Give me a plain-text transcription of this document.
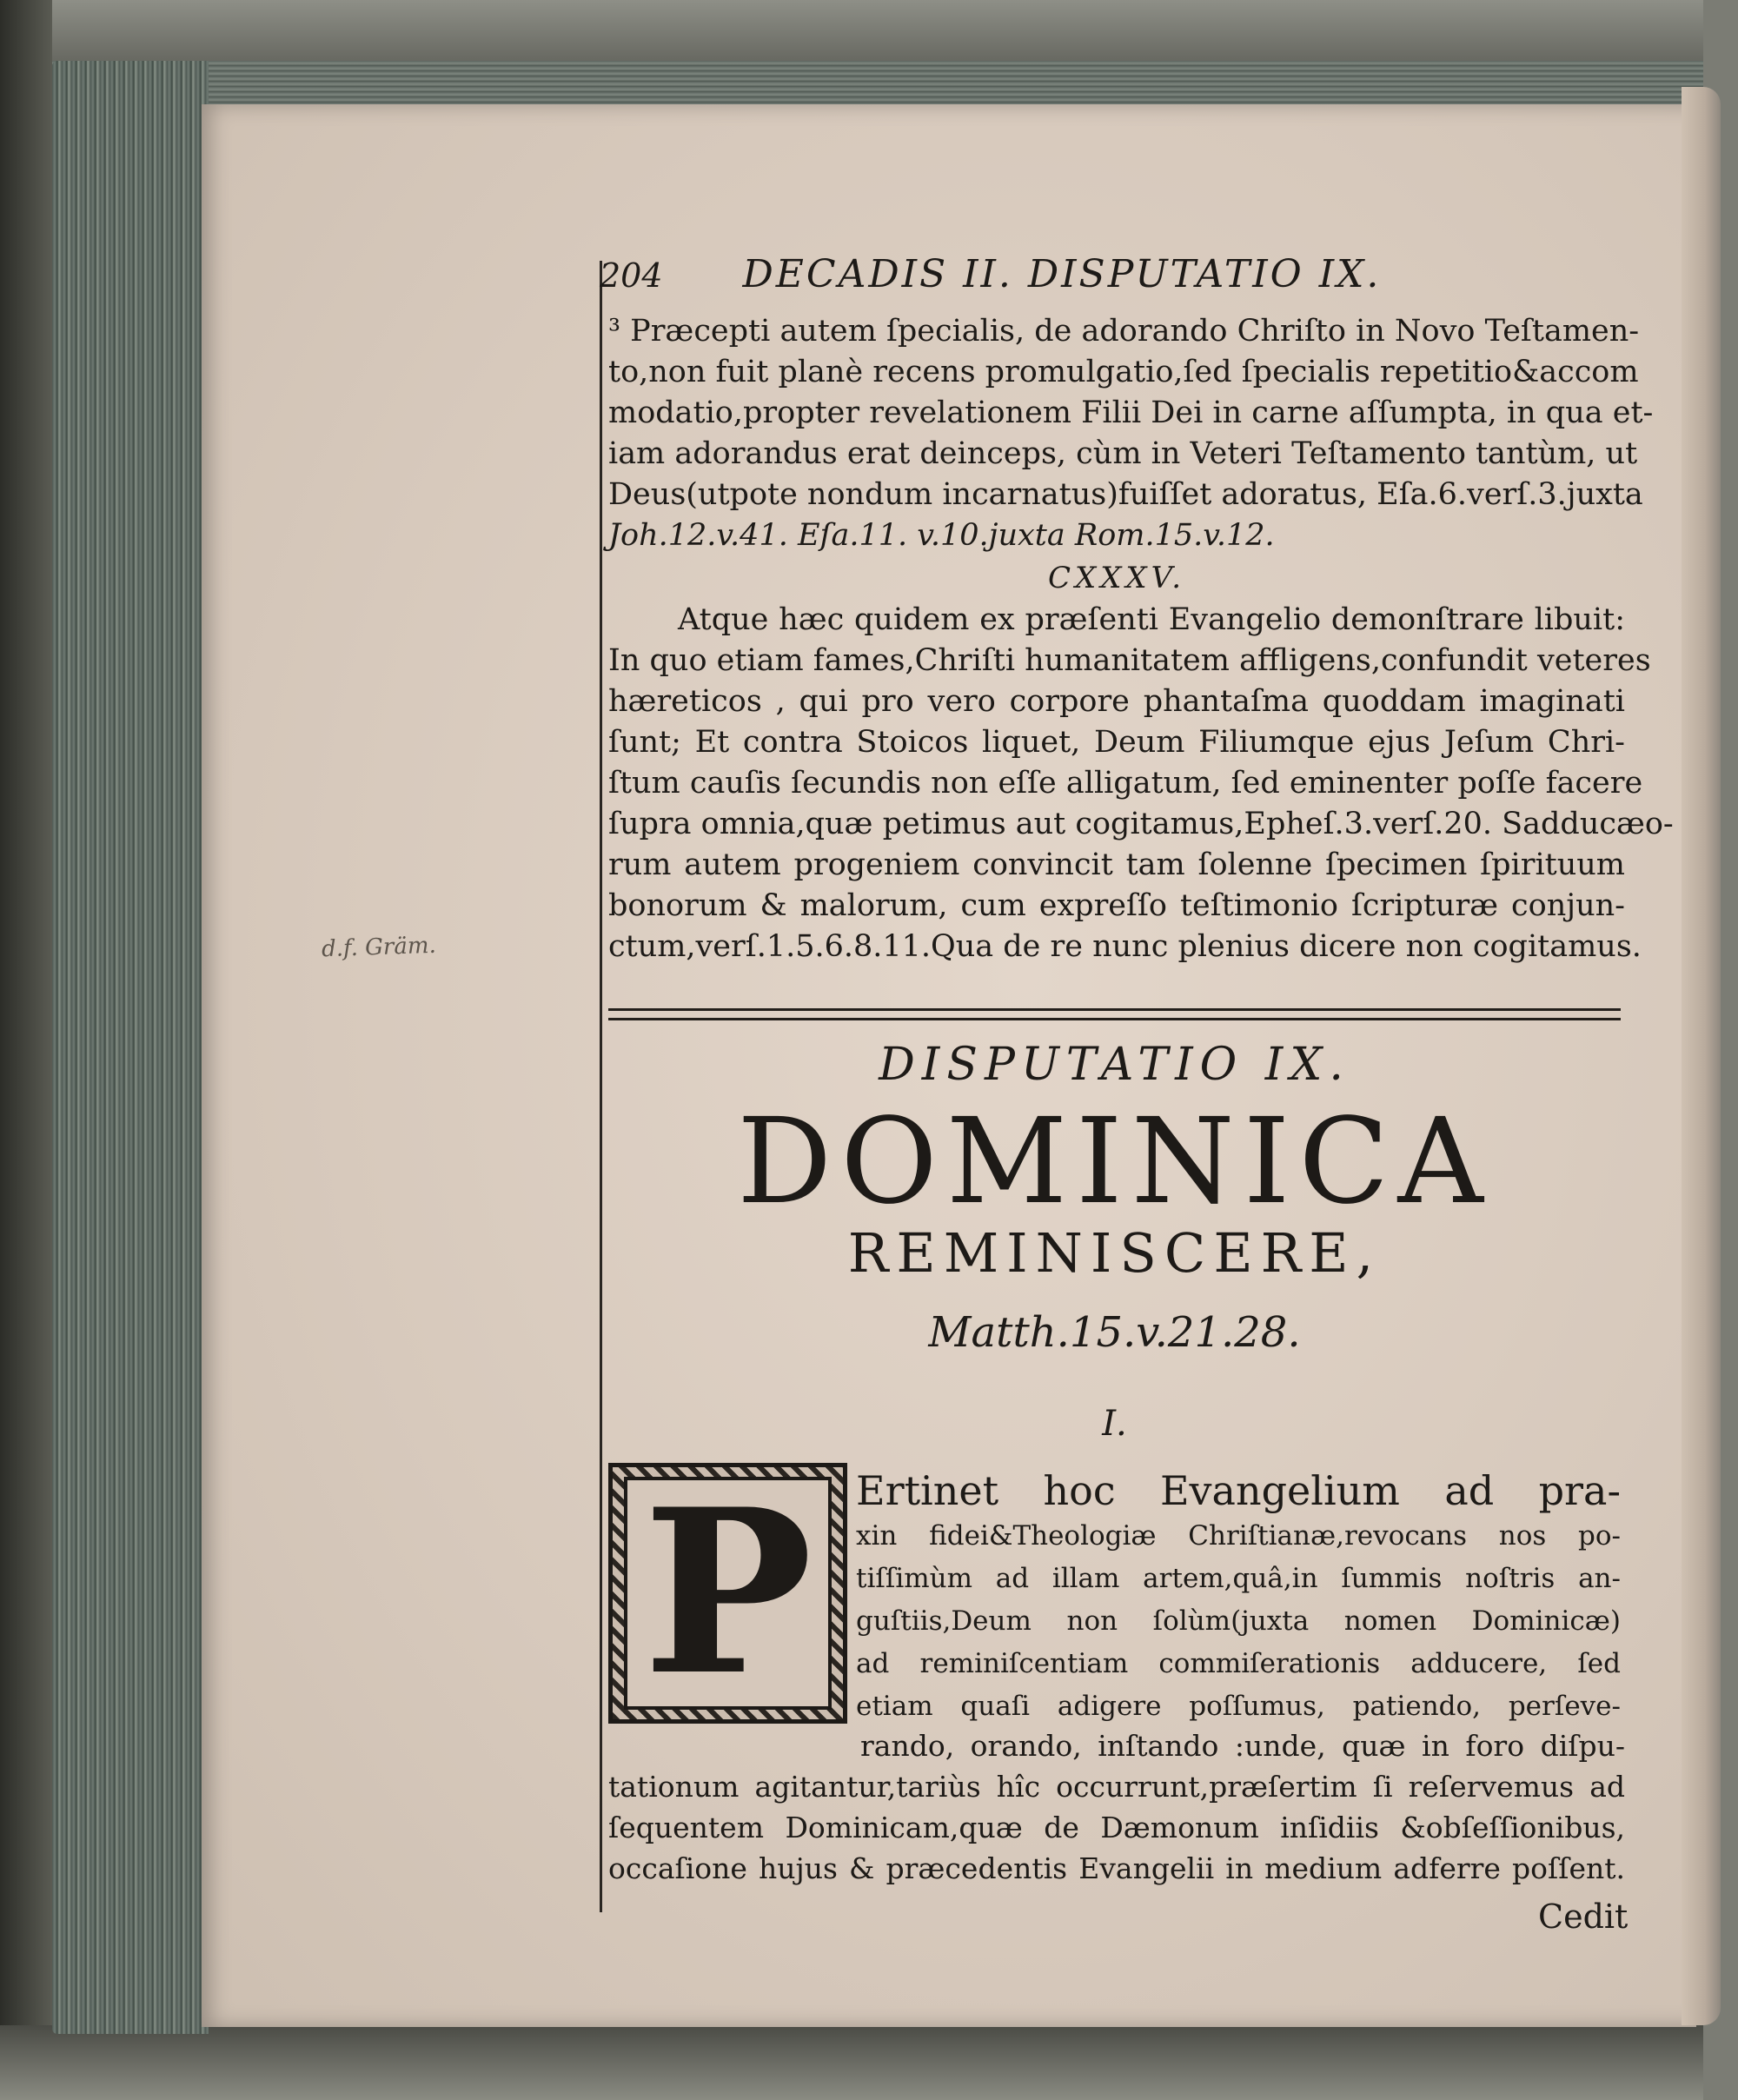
d.f. Gräm.
204 DECADIS II. DISPUTATIO IX.
³ Præcepti autem ſpecialis, de adorando Chriſto in Novo Teſtamen-
to,non fuit planè recens promulgatio,ſed ſpecialis repetitio&accom
modatio,propter revelationem Filii Dei in carne aſſumpta, in qua et-
iam adorandus erat deinceps, cùm in Veteri Teſtamento tantùm, ut
Deus(utpote nondum incarnatus)fuiſſet adoratus, Eſa.6.verſ.3.juxta
Joh.12.v.41. Eſa.11. v.10.juxta Rom.15.v.12.
CXXXV.
Atque hæc quidem ex præſenti Evangelio demonſtrare libuit:
In quo etiam fames,Chriſti humanitatem affligens,confundit veteres
hæreticos , qui pro vero corpore phantaſma quoddam imaginati
ſunt; Et contra Stoicos liquet, Deum Filiumque ejus Jeſum Chri-
ſtum cauſis ſecundis non eſſe alligatum, ſed eminenter poſſe facere
ſupra omnia,quæ petimus aut cogitamus,Epheſ.3.verſ.20. Sadducæo-
rum autem progeniem convincit tam ſolenne ſpecimen ſpirituum
bonorum & malorum, cum expreſſo teſtimonio ſcripturæ conjun-
ctum,verſ.1.5.6.8.11.Qua de re nunc plenius dicere non cogitamus.
DISPUTATIO IX.
DOMINICA
REMINISCERE,
Matth.15.v.21.28.
I.
P	Ertinet hoc Evangelium ad pra-
xin fidei&Theologiæ Chriſtianæ,revocans nos po-
tiſſimùm ad illam artem,quâ,in ſummis noſtris an-
guſtiis,Deum non ſolùm(juxta nomen Dominicæ)
ad reminiſcentiam commiſerationis adducere, ſed
etiam quaſi adigere poſſumus, patiendo, perſeve-
rando, orando, inſtando :unde, quæ in foro diſpu-
tationum agitantur,tariùs hîc occurrunt,præſertim ſi reſervemus ad
ſequentem Dominicam,quæ de Dæmonum inſidiis &obſeſſionibus,
occaſione hujus & præcedentis Evangelii in medium adferre poſſent.
Cedit
